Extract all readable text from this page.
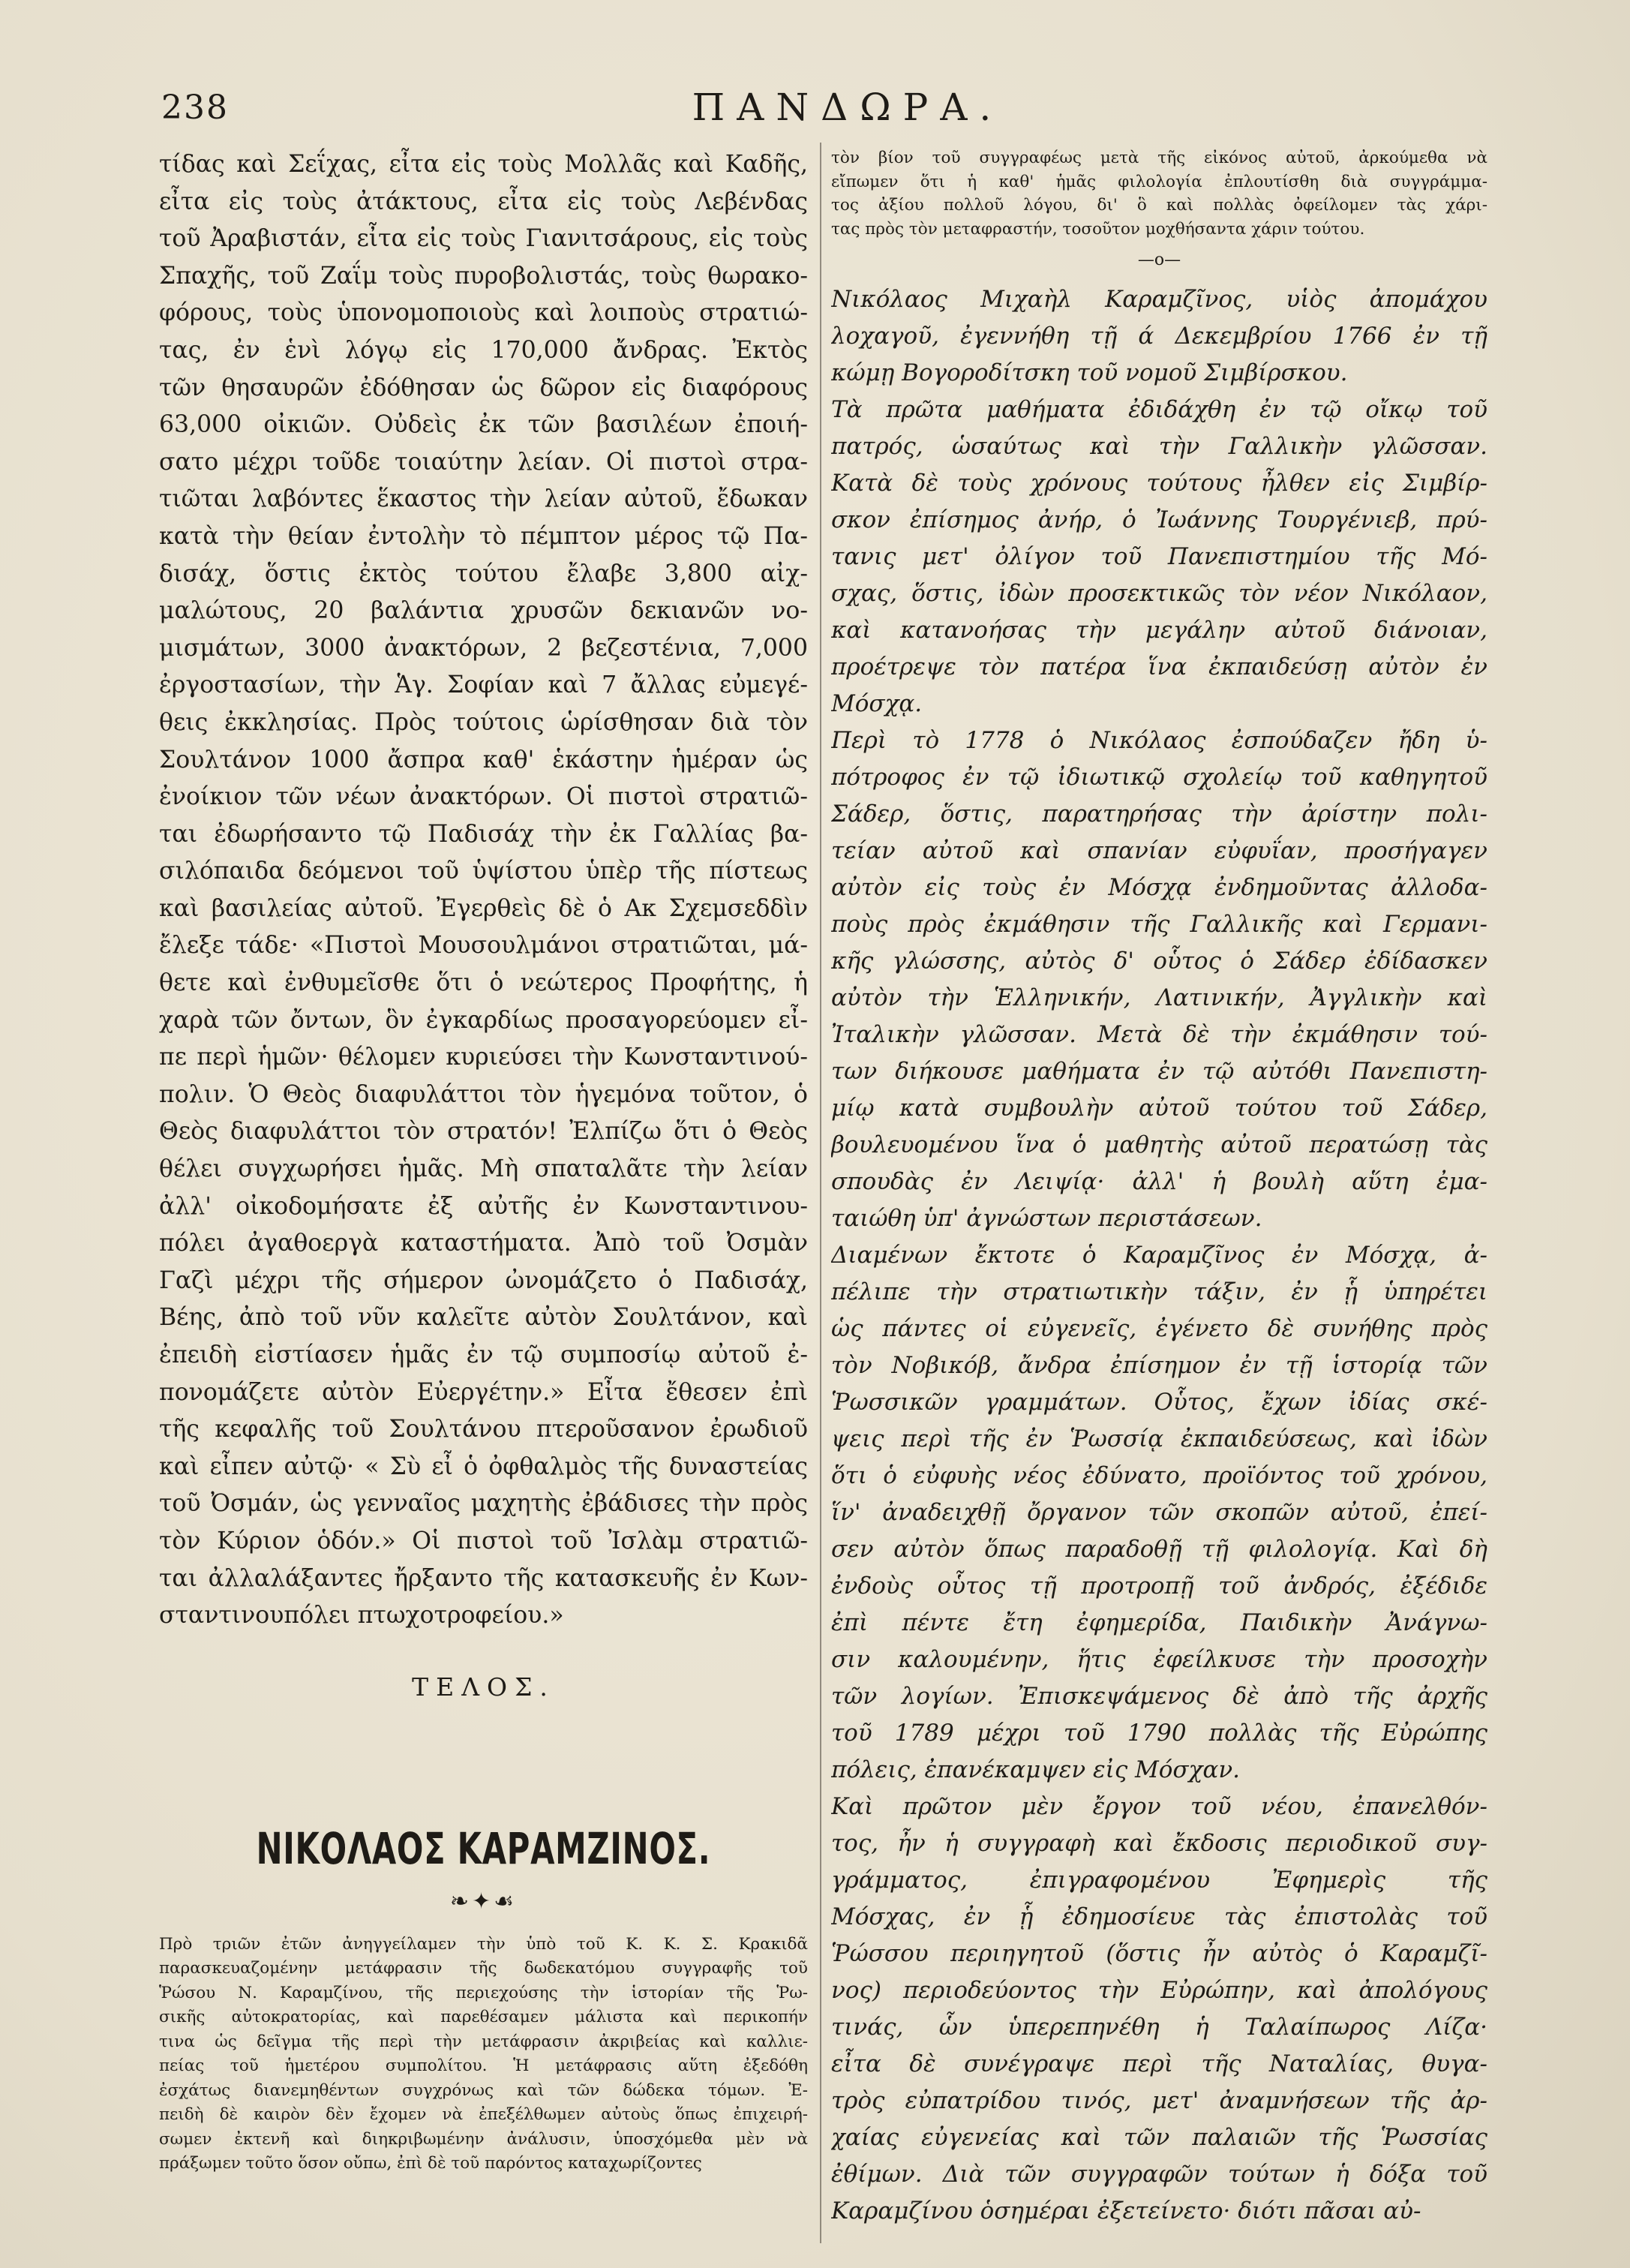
238	ΠΑΝΔΩΡΑ.
τίδας καὶ Σεΐχας, εἶτα εἰς τοὺς Μολλᾶς καὶ Καδῆς,
εἶτα εἰς τοὺς ἀτάκτους, εἶτα εἰς τοὺς Λεβένδας
τοῦ Ἀραβιστάν, εἶτα εἰς τοὺς Γιανιτσάρους, εἰς τοὺς
Σπαχῆς, τοῦ Ζαΐμ τοὺς πυροβολιστάς, τοὺς θωρακο-
φόρους, τοὺς ὑπονομοποιοὺς καὶ λοιποὺς στρατιώ-
τας, ἐν ἑνὶ λόγῳ εἰς 170,000 ἄνδρας. Ἐκτὸς
τῶν θησαυρῶν ἐδόθησαν ὡς δῶρον εἰς διαφόρους
63,000 οἰκιῶν. Οὐδεὶς ἐκ τῶν βασιλέων ἐποιή-
σατο μέχρι τοῦδε τοιαύτην λείαν. Οἱ πιστοὶ στρα-
τιῶται λαβόντες ἕκαστος τὴν λείαν αὐτοῦ, ἔδωκαν
κατὰ τὴν θείαν ἐντολὴν τὸ πέμπτον μέρος τῷ Πα-
δισάχ, ὅστις ἐκτὸς τούτου ἔλαβε 3,800 αἰχ-
μαλώτους, 20 βαλάντια χρυσῶν δεκιανῶν νο-
μισμάτων, 3000 ἀνακτόρων, 2 βεζεστένια, 7,000
ἐργοστασίων, τὴν Ἁγ. Σοφίαν καὶ 7 ἄλλας εὐμεγέ-
θεις ἐκκλησίας. Πρὸς τούτοις ὡρίσθησαν διὰ τὸν
Σουλτάνον 1000 ἄσπρα καθ' ἑκάστην ἡμέραν ὡς
ἐνοίκιον τῶν νέων ἀνακτόρων. Οἱ πιστοὶ στρατιῶ-
ται ἐδωρήσαντο τῷ Παδισάχ τὴν ἐκ Γαλλίας βα-
σιλόπαιδα δεόμενοι τοῦ ὑψίστου ὑπὲρ τῆς πίστεως
καὶ βασιλείας αὐτοῦ. Ἐγερθεὶς δὲ ὁ Ακ Σχεμσεδδὶν
ἔλεξε τάδε· «Πιστοὶ Μουσουλμάνοι στρατιῶται, μά-
θετε καὶ ἐνθυμεῖσθε ὅτι ὁ νεώτερος Προφήτης, ἡ
χαρὰ τῶν ὄντων, ὃν ἐγκαρδίως προσαγορεύομεν εἶ-
πε περὶ ἡμῶν· θέλομεν κυριεύσει τὴν Κωνσταντινού-
πολιν. Ὁ Θεὸς διαφυλάττοι τὸν ἡγεμόνα τοῦτον, ὁ
Θεὸς διαφυλάττοι τὸν στρατόν! Ἐλπίζω ὅτι ὁ Θεὸς
θέλει συγχωρήσει ἡμᾶς. Μὴ σπαταλᾶτε τὴν λείαν
ἀλλ' οἰκοδομήσατε ἐξ αὐτῆς ἐν Κωνσταντινου-
πόλει ἀγαθοεργὰ καταστήματα. Ἀπὸ τοῦ Ὀσμὰν
Γαζὶ μέχρι τῆς σήμερον ὠνομάζετο ὁ Παδισάχ,
Βέης, ἀπὸ τοῦ νῦν καλεῖτε αὐτὸν Σουλτάνον, καὶ
ἐπειδὴ εἰστίασεν ἡμᾶς ἐν τῷ συμποσίῳ αὐτοῦ ἐ-
πονομάζετε αὐτὸν Εὐεργέτην.» Εἶτα ἔθεσεν ἐπὶ
τῆς κεφαλῆς τοῦ Σουλτάνου πτεροῦσανον ἐρωδιοῦ
καὶ εἶπεν αὐτῷ· « Σὺ εἶ ὁ ὀφθαλμὸς τῆς δυναστείας
τοῦ Ὀσμάν, ὡς γενναῖος μαχητὴς ἐβάδισες τὴν πρὸς
τὸν Κύριον ὁδόν.» Οἱ πιστοὶ τοῦ Ἰσλὰμ στρατιῶ-
ται ἀλλαλάξαντες ἤρξαντο τῆς κατασκευῆς ἐν Κων-
σταντινουπόλει πτωχοτροφείου.»
ΤΕΛΟΣ.
ΝΙΚΟΛΑΟΣ ΚΑΡΑΜΖΙΝΟΣ.
❧✦☙
Πρὸ τριῶν ἐτῶν ἀνηγγείλαμεν τὴν ὑπὸ τοῦ Κ. Κ. Σ. Κρακιδᾶ
παρασκευαζομένην μετάφρασιν τῆς δωδεκατόμου συγγραφῆς τοῦ
Ῥώσου Ν. Καραμζίνου, τῆς περιεχούσης τὴν ἱστορίαν τῆς Ῥω-
σικῆς αὐτοκρατορίας, καὶ παρεθέσαμεν μάλιστα καὶ περικοπήν
τινα ὡς δεῖγμα τῆς περὶ τὴν μετάφρασιν ἀκριβείας καὶ καλλιε-
πείας τοῦ ἡμετέρου συμπολίτου. Ἡ μετάφρασις αὕτη ἐξεδόθη
ἐσχάτως διανεμηθέντων συγχρόνως καὶ τῶν δώδεκα τόμων. Ἐ-
πειδὴ δὲ καιρὸν δὲν ἔχομεν νὰ ἐπεξέλθωμεν αὐτοὺς ὅπως ἐπιχειρή-
σωμεν ἐκτενῆ καὶ διηκριβωμένην ἀνάλυσιν, ὑποσχόμεθα μὲν νὰ
πράξωμεν τοῦτο ὅσον οὔπω, ἐπὶ δὲ τοῦ παρόντος καταχωρίζοντες
τὸν βίον τοῦ συγγραφέως μετὰ τῆς εἰκόνος αὐτοῦ, ἀρκούμεθα νὰ
εἴπωμεν ὅτι ἡ καθ' ἡμᾶς φιλολογία ἐπλουτίσθη διὰ συγγράμμα-
τος ἀξίου πολλοῦ λόγου, δι' ὃ καὶ πολλὰς ὀφείλομεν τὰς χάρι-
τας πρὸς τὸν μεταφραστήν, τοσοῦτον μοχθήσαντα χάριν τούτου.
—o—
Νικόλαος Μιχαὴλ Καραμζῖνος, υἱὸς ἀπομάχου
λοχαγοῦ, ἐγεννήθη τῇ ά Δεκεμβρίου 1766 ἐν τῇ
κώμῃ Βογοροδίτσκη τοῦ νομοῦ Σιμβίρσκου.
Τὰ πρῶτα μαθήματα ἐδιδάχθη ἐν τῷ οἴκῳ τοῦ
πατρός, ὡσαύτως καὶ τὴν Γαλλικὴν γλῶσσαν.
Κατὰ δὲ τοὺς χρόνους τούτους ἦλθεν εἰς Σιμβίρ-
σκον ἐπίσημος ἀνήρ, ὁ Ἰωάννης Τουργένιεβ, πρύ-
τανις μετ' ὀλίγον τοῦ Πανεπιστημίου τῆς Μό-
σχας, ὅστις, ἰδὼν προσεκτικῶς τὸν νέον Νικόλαον,
καὶ κατανοήσας τὴν μεγάλην αὐτοῦ διάνοιαν,
προέτρεψε τὸν πατέρα ἵνα ἐκπαιδεύσῃ αὐτὸν ἐν
Μόσχᾳ.
Περὶ τὸ 1778 ὁ Νικόλαος ἐσπούδαζεν ἤδη ὑ-
πότροφος ἐν τῷ ἰδιωτικῷ σχολείῳ τοῦ καθηγητοῦ
Σάδερ, ὅστις, παρατηρήσας τὴν ἀρίστην πολι-
τείαν αὐτοῦ καὶ σπανίαν εὐφυΐαν, προσήγαγεν
αὐτὸν εἰς τοὺς ἐν Μόσχᾳ ἐνδημοῦντας ἀλλοδα-
ποὺς πρὸς ἐκμάθησιν τῆς Γαλλικῆς καὶ Γερμανι-
κῆς γλώσσης, αὐτὸς δ' οὗτος ὁ Σάδερ ἐδίδασκεν
αὐτὸν τὴν Ἑλληνικήν, Λατινικήν, Ἀγγλικὴν καὶ
Ἰταλικὴν γλῶσσαν. Μετὰ δὲ τὴν ἐκμάθησιν τού-
των διήκουσε μαθήματα ἐν τῷ αὐτόθι Πανεπιστη-
μίῳ κατὰ συμβουλὴν αὐτοῦ τούτου τοῦ Σάδερ,
βουλευομένου ἵνα ὁ μαθητὴς αὐτοῦ περατώσῃ τὰς
σπουδὰς ἐν Λειψίᾳ· ἀλλ' ἡ βουλὴ αὕτη ἐμα-
ταιώθη ὑπ' ἀγνώστων περιστάσεων.
Διαμένων ἔκτοτε ὁ Καραμζῖνος ἐν Μόσχᾳ, ἀ-
πέλιπε τὴν στρατιωτικὴν τάξιν, ἐν ᾗ ὑπηρέτει
ὡς πάντες οἱ εὐγενεῖς, ἐγένετο δὲ συνήθης πρὸς
τὸν Νοβικόβ, ἄνδρα ἐπίσημον ἐν τῇ ἱστορίᾳ τῶν
Ῥωσσικῶν γραμμάτων. Οὗτος, ἔχων ἰδίας σκέ-
ψεις περὶ τῆς ἐν Ῥωσσίᾳ ἐκπαιδεύσεως, καὶ ἰδὼν
ὅτι ὁ εὐφυὴς νέος ἐδύνατο, προϊόντος τοῦ χρόνου,
ἵν' ἀναδειχθῇ ὄργανον τῶν σκοπῶν αὐτοῦ, ἐπεί-
σεν αὐτὸν ὅπως παραδοθῇ τῇ φιλολογίᾳ. Καὶ δὴ
ἐνδοὺς οὗτος τῇ προτροπῇ τοῦ ἀνδρός, ἐξέδιδε
ἐπὶ πέντε ἔτη ἐφημερίδα, Παιδικὴν Ἀνάγνω-
σιν καλουμένην, ἥτις ἐφείλκυσε τὴν προσοχὴν
τῶν λογίων. Ἐπισκεψάμενος δὲ ἀπὸ τῆς ἀρχῆς
τοῦ 1789 μέχρι τοῦ 1790 πολλὰς τῆς Εὐρώπης
πόλεις, ἐπανέκαμψεν εἰς Μόσχαν.
Καὶ πρῶτον μὲν ἔργον τοῦ νέου, ἐπανελθόν-
τος, ἦν ἡ συγγραφὴ καὶ ἔκδοσις περιοδικοῦ συγ-
γράμματος, ἐπιγραφομένου Ἐφημερὶς τῆς
Μόσχας, ἐν ᾗ ἐδημοσίευε τὰς ἐπιστολὰς τοῦ
Ῥώσσου περιηγητοῦ (ὅστις ἦν αὐτὸς ὁ Καραμζῖ-
νος) περιοδεύοντος τὴν Εὐρώπην, καὶ ἀπολόγους
τινάς, ὧν ὑπερεπηνέθη ἡ Ταλαίπωρος Λίζα·
εἶτα δὲ συνέγραψε περὶ τῆς Ναταλίας, θυγα-
τρὸς εὐπατρίδου τινός, μετ' ἀναμνήσεων τῆς ἀρ-
χαίας εὐγενείας καὶ τῶν παλαιῶν τῆς Ῥωσσίας
ἐθίμων. Διὰ τῶν συγγραφῶν τούτων ἡ δόξα τοῦ
Καραμζίνου ὁσημέραι ἐξετείνετο· διότι πᾶσαι αὐ-
